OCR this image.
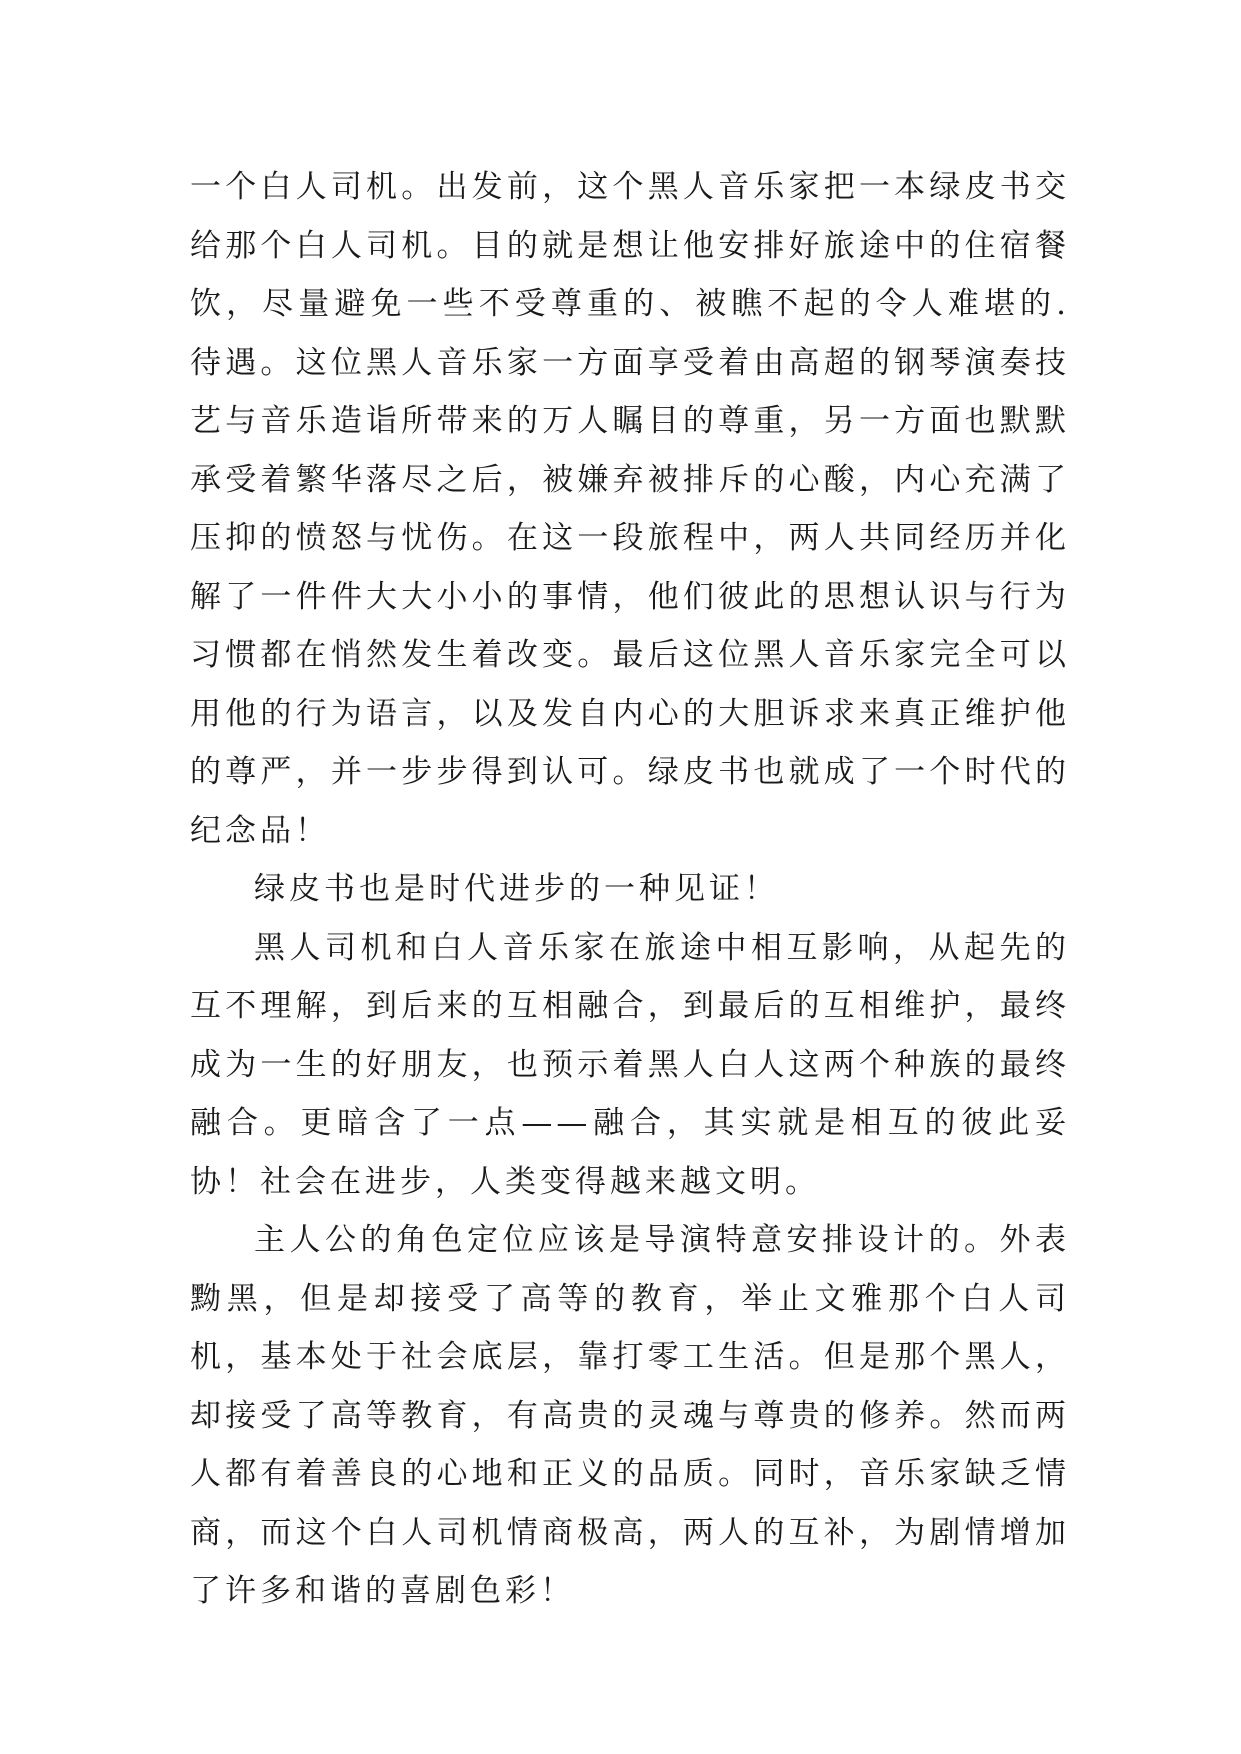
一个白人司机。出发前，这个黑人音乐家把一本绿皮书交给那个白人司机。目的就是想让他安排好旅途中的住宿餐饮，尽量避免一些不受尊重的、被瞧不起的令人难堪的.待遇。这位黑人音乐家一方面享受着由高超的钢琴演奏技艺与音乐造诣所带来的万人瞩目的尊重，另一方面也默默承受着繁华落尽之后，被嫌弃被排斥的心酸，内心充满了压抑的愤怒与忧伤。在这一段旅程中，两人共同经历并化解了一件件大大小小的事情，他们彼此的思想认识与行为习惯都在悄然发生着改变。最后这位黑人音乐家完全可以用他的行为语言，以及发自内心的大胆诉求来真正维护他的尊严，并一步步得到认可。绿皮书也就成了一个时代的纪念品！

绿皮书也是时代进步的一种见证！

黑人司机和白人音乐家在旅途中相互影响，从起先的互不理解，到后来的互相融合，到最后的互相维护，最终成为一生的好朋友，也预示着黑人白人这两个种族的最终融合。更暗含了一点——融合，其实就是相互的彼此妥协！社会在进步，人类变得越来越文明。

主人公的角色定位应该是导演特意安排设计的。外表黝黑，但是却接受了高等的教育，举止文雅那个白人司机，基本处于社会底层，靠打零工生活。但是那个黑人，却接受了高等教育，有高贵的灵魂与尊贵的修养。然而两人都有着善良的心地和正义的品质。同时，音乐家缺乏情商，而这个白人司机情商极高，两人的互补，为剧情增加了许多和谐的喜剧色彩！
